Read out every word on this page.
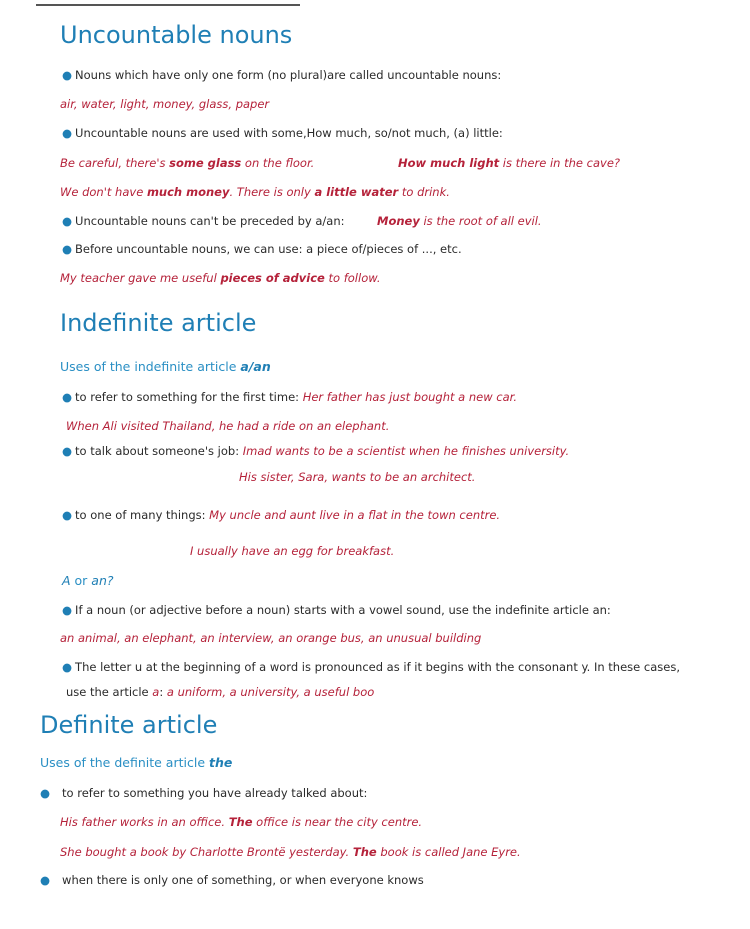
Uncountable nouns
● Nouns which have only one form (no plural)are called uncountable nouns:
air, water, light, money, glass, paper
● Uncountable nouns are used with some,How much, so/not much, (a) little:
Be careful, there's some glass on the floor.	How much light is there in the cave?
We don't have much money. There is only a little water to drink.
● Uncountable nouns can't be preceded by a/an:	Money is the root of all evil.
● Before uncountable nouns, we can use: a piece of/pieces of ..., etc.
My teacher gave me useful pieces of advice to follow.
Indefinite article
Uses of the indefinite article a/an
● to refer to something for the first time: Her father has just bought a new car.
When Ali visited Thailand, he had a ride on an elephant.
● to talk about someone's job: Imad wants to be a scientist when he finishes university.
His sister, Sara, wants to be an architect.
● to one of many things: My uncle and aunt live in a flat in the town centre.
I usually have an egg for breakfast.
A or an?
● If a noun (or adjective before a noun) starts with a vowel sound, use the indefinite article an:
an animal, an elephant, an interview, an orange bus, an unusual building
● The letter u at the beginning of a word is pronounced as if it begins with the consonant y. In these cases,
use the article a: a uniform, a university, a useful boo
Definite article
Uses of the definite article the
● to refer to something you have already talked about:
His father works in an office. The office is near the city centre.
She bought a book by Charlotte Brontë yesterday. The book is called Jane Eyre.
● when there is only one of something, or when everyone knows
